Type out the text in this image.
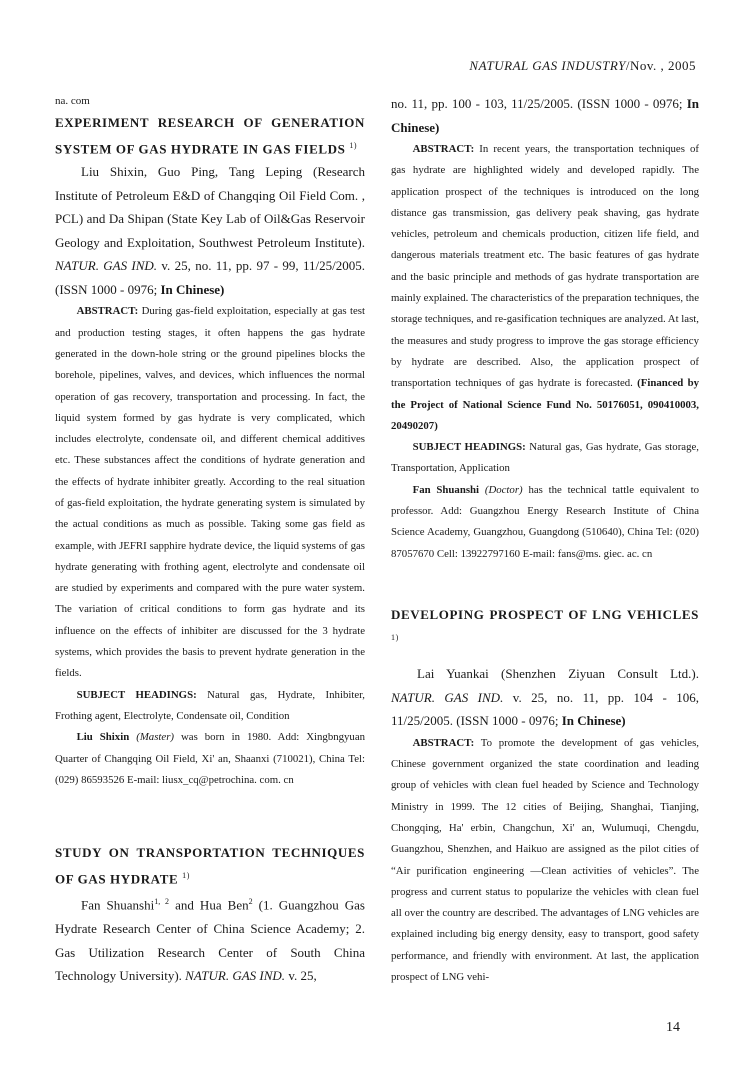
NATURAL GAS INDUSTRY/Nov. , 2005

na. com

EXPERIMENT RESEARCH OF GENERATION SYSTEM OF GAS HYDRATE IN GAS FIELDS $^{1)}$

Liu Shixin, Guo Ping, Tang Leping (Research Institute of Petroleum E&D of Changqing Oil Field Com. , PCL) and Da Shipan (State Key Lab of Oil&Gas Reservoir Geology and Exploitation, Southwest Petroleum Institute). NATUR. GAS IND. v. 25, no. 11, pp. 97 - 99, 11/25/2005. (ISSN 1000 - 0976; In Chinese)

ABSTRACT: During gas-field exploitation, especially at gas test and production testing stages, it often happens the gas hydrate generated in the down-hole string or the ground pipelines blocks the borehole, pipelines, valves, and devices, which influences the normal operation of gas recovery, transportation and processing. In fact, the liquid system formed by gas hydrate is very complicated, which includes electrolyte, condensate oil, and different chemical additives etc. These substances affect the conditions of hydrate generation and the effects of hydrate inhibiter greatly. According to the real situation of gas-field exploitation, the hydrate generating system is simulated by the actual conditions as much as possible. Taking some gas field as example, with JEFRI sapphire hydrate device, the liquid systems of gas hydrate generating with frothing agent, electrolyte and condensate oil are studied by experiments and compared with the pure water system. The variation of critical conditions to form gas hydrate and its influence on the effects of inhibiter are discussed for the 3 hydrate systems, which provides the basis to prevent hydrate generation in the fields.

SUBJECT HEADINGS: Natural gas, Hydrate, Inhibiter, Frothing agent, Electrolyte, Condensate oil, Condition

Liu Shixin (Master) was born in 1980. Add: Xingbngyuan Quarter of Changqing Oil Field, Xi' an, Shaanxi (710021), China Tel: (029) 86593526 E-mail: liusx_cq@petrochina. com. cn

STUDY ON TRANSPORTATION TECHNIQUES OF GAS HYDRATE $^{1)}$

Fan Shuanshi$^{1, 2}$ and Hua Ben$^2$ (1. Guangzhou Gas Hydrate Research Center of China Science Academy; 2. Gas Utilization Research Center of South China Technology University). NATUR. GAS IND. v. 25,

no. 11, pp. 100 - 103, 11/25/2005. (ISSN 1000 - 0976; In Chinese)

ABSTRACT: In recent years, the transportation techniques of gas hydrate are highlighted widely and developed rapidly. The application prospect of the techniques is introduced on the long distance gas transmission, gas delivery peak shaving, gas hydrate vehicles, petroleum and chemicals production, citizen life field, and dangerous materials treatment etc. The basic features of gas hydrate and the basic principle and methods of gas hydrate transportation are mainly explained. The characteristics of the preparation techniques, the storage techniques, and re-gasification techniques are analyzed. At last, the measures and study progress to improve the gas storage efficiency by hydrate are described. Also, the application prospect of transportation techniques of gas hydrate is forecasted. (Financed by the Project of National Science Fund No. 50176051, 090410003, 20490207)

SUBJECT HEADINGS: Natural gas, Gas hydrate, Gas storage, Transportation, Application

Fan Shuanshi (Doctor) has the technical tattle equivalent to professor. Add: Guangzhou Energy Research Institute of China Science Academy, Guangzhou, Guangdong (510640), China Tel: (020) 87057670 Cell: 13922797160 E-mail: fans@ms. giec. ac. cn

DEVELOPING PROSPECT OF LNG VEHICLES $^{1)}$

Lai Yuankai (Shenzhen Ziyuan Consult Ltd.). NATUR. GAS IND. v. 25, no. 11, pp. 104 - 106, 11/25/2005. (ISSN 1000 - 0976; In Chinese)

ABSTRACT: To promote the development of gas vehicles, Chinese government organized the state coordination and leading group of vehicles with clean fuel headed by Science and Technology Ministry in 1999. The 12 cities of Beijing, Shanghai, Tianjing, Chongqing, Ha' erbin, Changchun, Xi' an, Wulumuqi, Chengdu, Guangzhou, Shenzhen, and Haikuo are assigned as the pilot cities of “Air purification engineering —Clean activities of vehicles”. The progress and current status to popularize the vehicles with clean fuel all over the country are described. The advantages of LNG vehicles are explained including big energy density, easy to transport, good safety performance, and friendly with environment. At last, the application prospect of LNG vehi-

14
